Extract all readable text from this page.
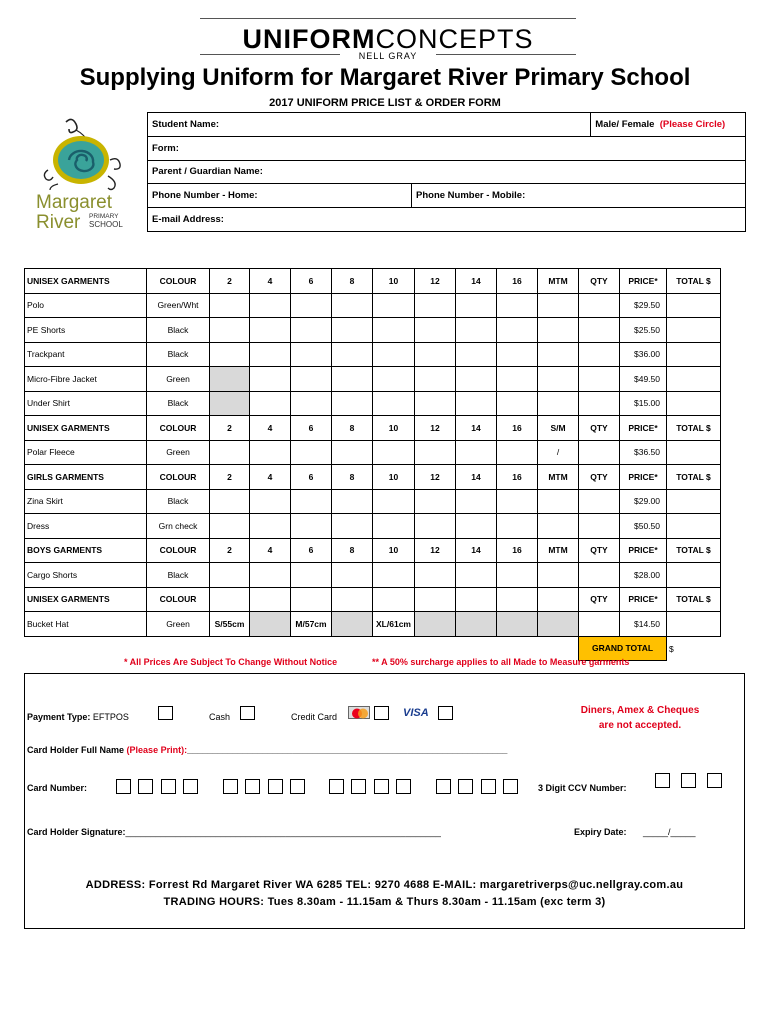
UNIFORMCONCEPTS
NELL GRAY
Supplying Uniform for Margaret River Primary School
2017 UNIFORM PRICE LIST & ORDER FORM
Margaret
River PRIMARY
SCHOOL
Student Name:		Male/ Female (Please Circle)
Form:		
Parent / Guardian Name:		
Phone Number - Home:	Phone Number - Mobile:	
E-mail Address:		
UNISEX GARMENTS	COLOUR	2	4	6	8	10	12	14	16	MTM	QTY	PRICE*	TOTAL $
Polo	Green/Wht											$29.50	
PE Shorts	Black											$25.50	
Trackpant	Black											$36.00	
Micro-Fibre Jacket	Green											$49.50	
Under Shirt	Black											$15.00	
UNISEX GARMENTS	COLOUR	2	4	6	8	10	12	14	16	S/M	QTY	PRICE*	TOTAL $
Polar Fleece	Green									/		$36.50	
GIRLS GARMENTS	COLOUR	2	4	6	8	10	12	14	16	MTM	QTY	PRICE*	TOTAL $
Zina Skirt	Black											$29.00	
Dress	Grn check											$50.50	
BOYS GARMENTS	COLOUR	2	4	6	8	10	12	14	16	MTM	QTY	PRICE*	TOTAL $
Cargo Shorts	Black											$28.00	
UNISEX GARMENTS	COLOUR										QTY	PRICE*	TOTAL $
Bucket Hat	Green	S/55cm		M/57cm		XL/61cm						$14.50	
											GRAND TOTAL		$
* All Prices Are Subject To Change Without Notice	** A 50% surcharge applies to all Made to Measure garments
Payment Type: EFTPOS	Cash	Credit Card	VISA	Diners, Amex & Cheques
are not accepted.
Card Holder Full Name (Please Print):________________________________________________________________
Card Number:	3 Digit CCV Number:
Card Holder Signature:_______________________________________________________________	Expiry Date: _____/_____
ADDRESS: Forrest Rd Margaret River WA 6285 TEL: 9270 4688 E-MAIL: margaretriverps@uc.nellgray.com.au
TRADING HOURS: Tues 8.30am - 11.15am & Thurs 8.30am - 11.15am (exc term 3)
